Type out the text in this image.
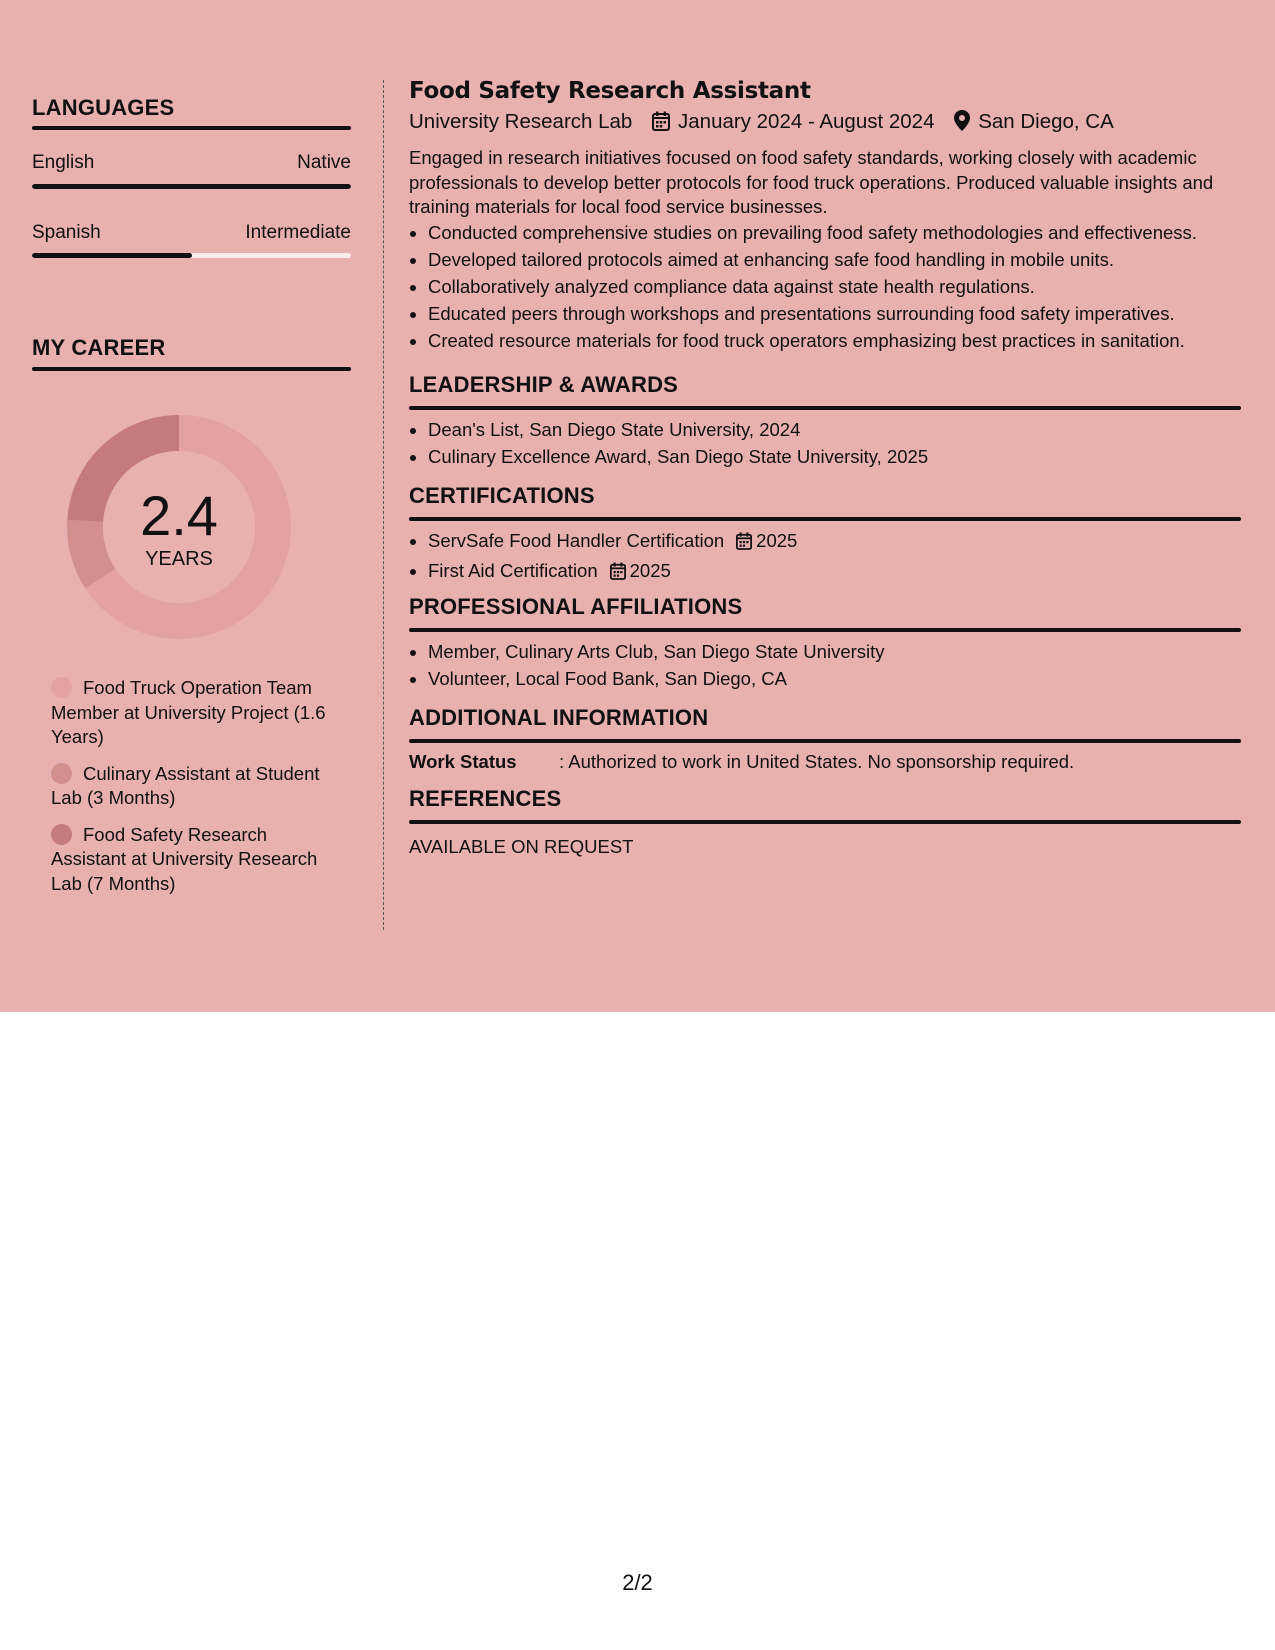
LANGUAGES
English	Native
Spanish	Intermediate
MY CAREER
2.4
YEARS
Food Truck Operation Team Member at University Project (1.6 Years)
Culinary Assistant at Student Lab (3 Months)
Food Safety Research Assistant at University Research Lab (7 Months)
Food Safety Research Assistant
University Research Lab January 2024 - August 2024 San Diego, CA
Engaged in research initiatives focused on food safety standards, working closely with academic professionals to develop better protocols for food truck operations. Produced valuable insights and training materials for local food service businesses.
• Conducted comprehensive studies on prevailing food safety methodologies and effectiveness.
• Developed tailored protocols aimed at enhancing safe food handling in mobile units.
• Collaboratively analyzed compliance data against state health regulations.
• Educated peers through workshops and presentations surrounding food safety imperatives.
• Created resource materials for food truck operators emphasizing best practices in sanitation.
LEADERSHIP & AWARDS
• Dean's List, San Diego State University, 2024
• Culinary Excellence Award, San Diego State University, 2025
CERTIFICATIONS
• ServSafe Food Handler Certification 2025
• First Aid Certification 2025
PROFESSIONAL AFFILIATIONS
• Member, Culinary Arts Club, San Diego State University
• Volunteer, Local Food Bank, San Diego, CA
ADDITIONAL INFORMATION
Work Status : Authorized to work in United States. No sponsorship required.
REFERENCES
AVAILABLE ON REQUEST
2/2
